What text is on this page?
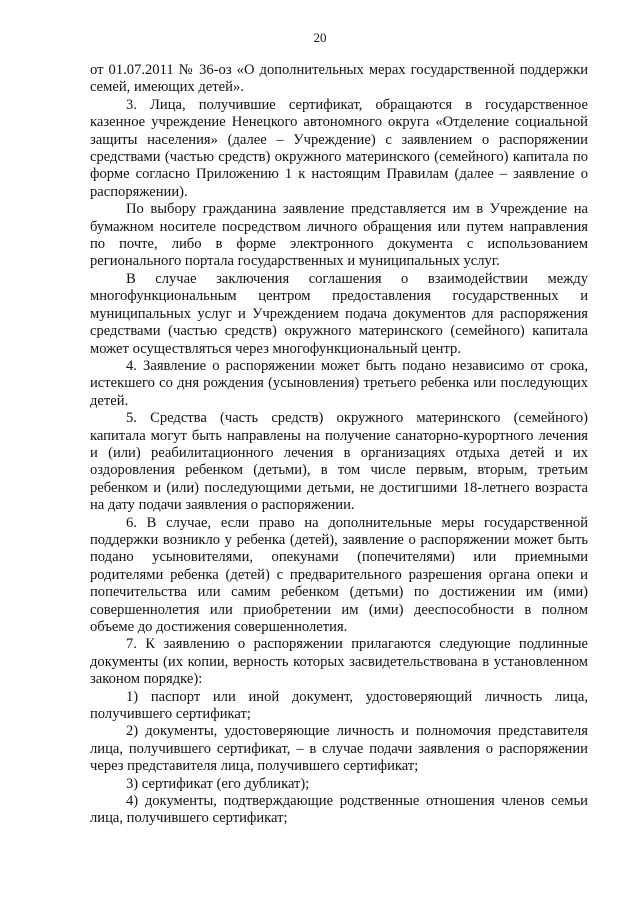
20

от 01.07.2011 № 36-оз «О дополнительных мерах государственной поддержки семей, имеющих детей».

3. Лица, получившие сертификат, обращаются в государственное казенное учреждение Ненецкого автономного округа «Отделение социальной защиты населения» (далее – Учреждение) с заявлением о распоряжении средствами (частью средств) окружного материнского (семейного) капитала по форме согласно Приложению 1 к настоящим Правилам (далее – заявление о распоряжении).

По выбору гражданина заявление представляется им в Учреждение на бумажном носителе посредством личного обращения или путем направления по почте, либо в форме электронного документа с использованием регионального портала государственных и муниципальных услуг.

В случае заключения соглашения о взаимодействии между многофункциональным центром предоставления государственных и муниципальных услуг и Учреждением подача документов для распоряжения средствами (частью средств) окружного материнского (семейного) капитала может осуществляться через многофункциональный центр.

4. Заявление о распоряжении может быть подано независимо от срока, истекшего со дня рождения (усыновления) третьего ребенка или последующих детей.

5. Средства (часть средств) окружного материнского (семейного) капитала могут быть направлены на получение санаторно-курортного лечения и (или) реабилитационного лечения в организациях отдыха детей и их оздоровления ребенком (детьми), в том числе первым, вторым, третьим ребенком и (или) последующими детьми, не достигшими 18-летнего возраста на дату подачи заявления о распоряжении.

6. В случае, если право на дополнительные меры государственной поддержки возникло у ребенка (детей), заявление о распоряжении может быть подано усыновителями, опекунами (попечителями) или приемными родителями ребенка (детей) с предварительного разрешения органа опеки и попечительства или самим ребенком (детьми) по достижении им (ими) совершеннолетия или приобретении им (ими) дееспособности в полном объеме до достижения совершеннолетия.

7. К заявлению о распоряжении прилагаются следующие подлинные документы (их копии, верность которых засвидетельствована в установленном законом порядке):

1) паспорт или иной документ, удостоверяющий личность лица, получившего сертификат;

2) документы, удостоверяющие личность и полномочия представителя лица, получившего сертификат, – в случае подачи заявления о распоряжении через представителя лица, получившего сертификат;

3) сертификат (его дубликат);

4) документы, подтверждающие родственные отношения членов семьи лица, получившего сертификат;
